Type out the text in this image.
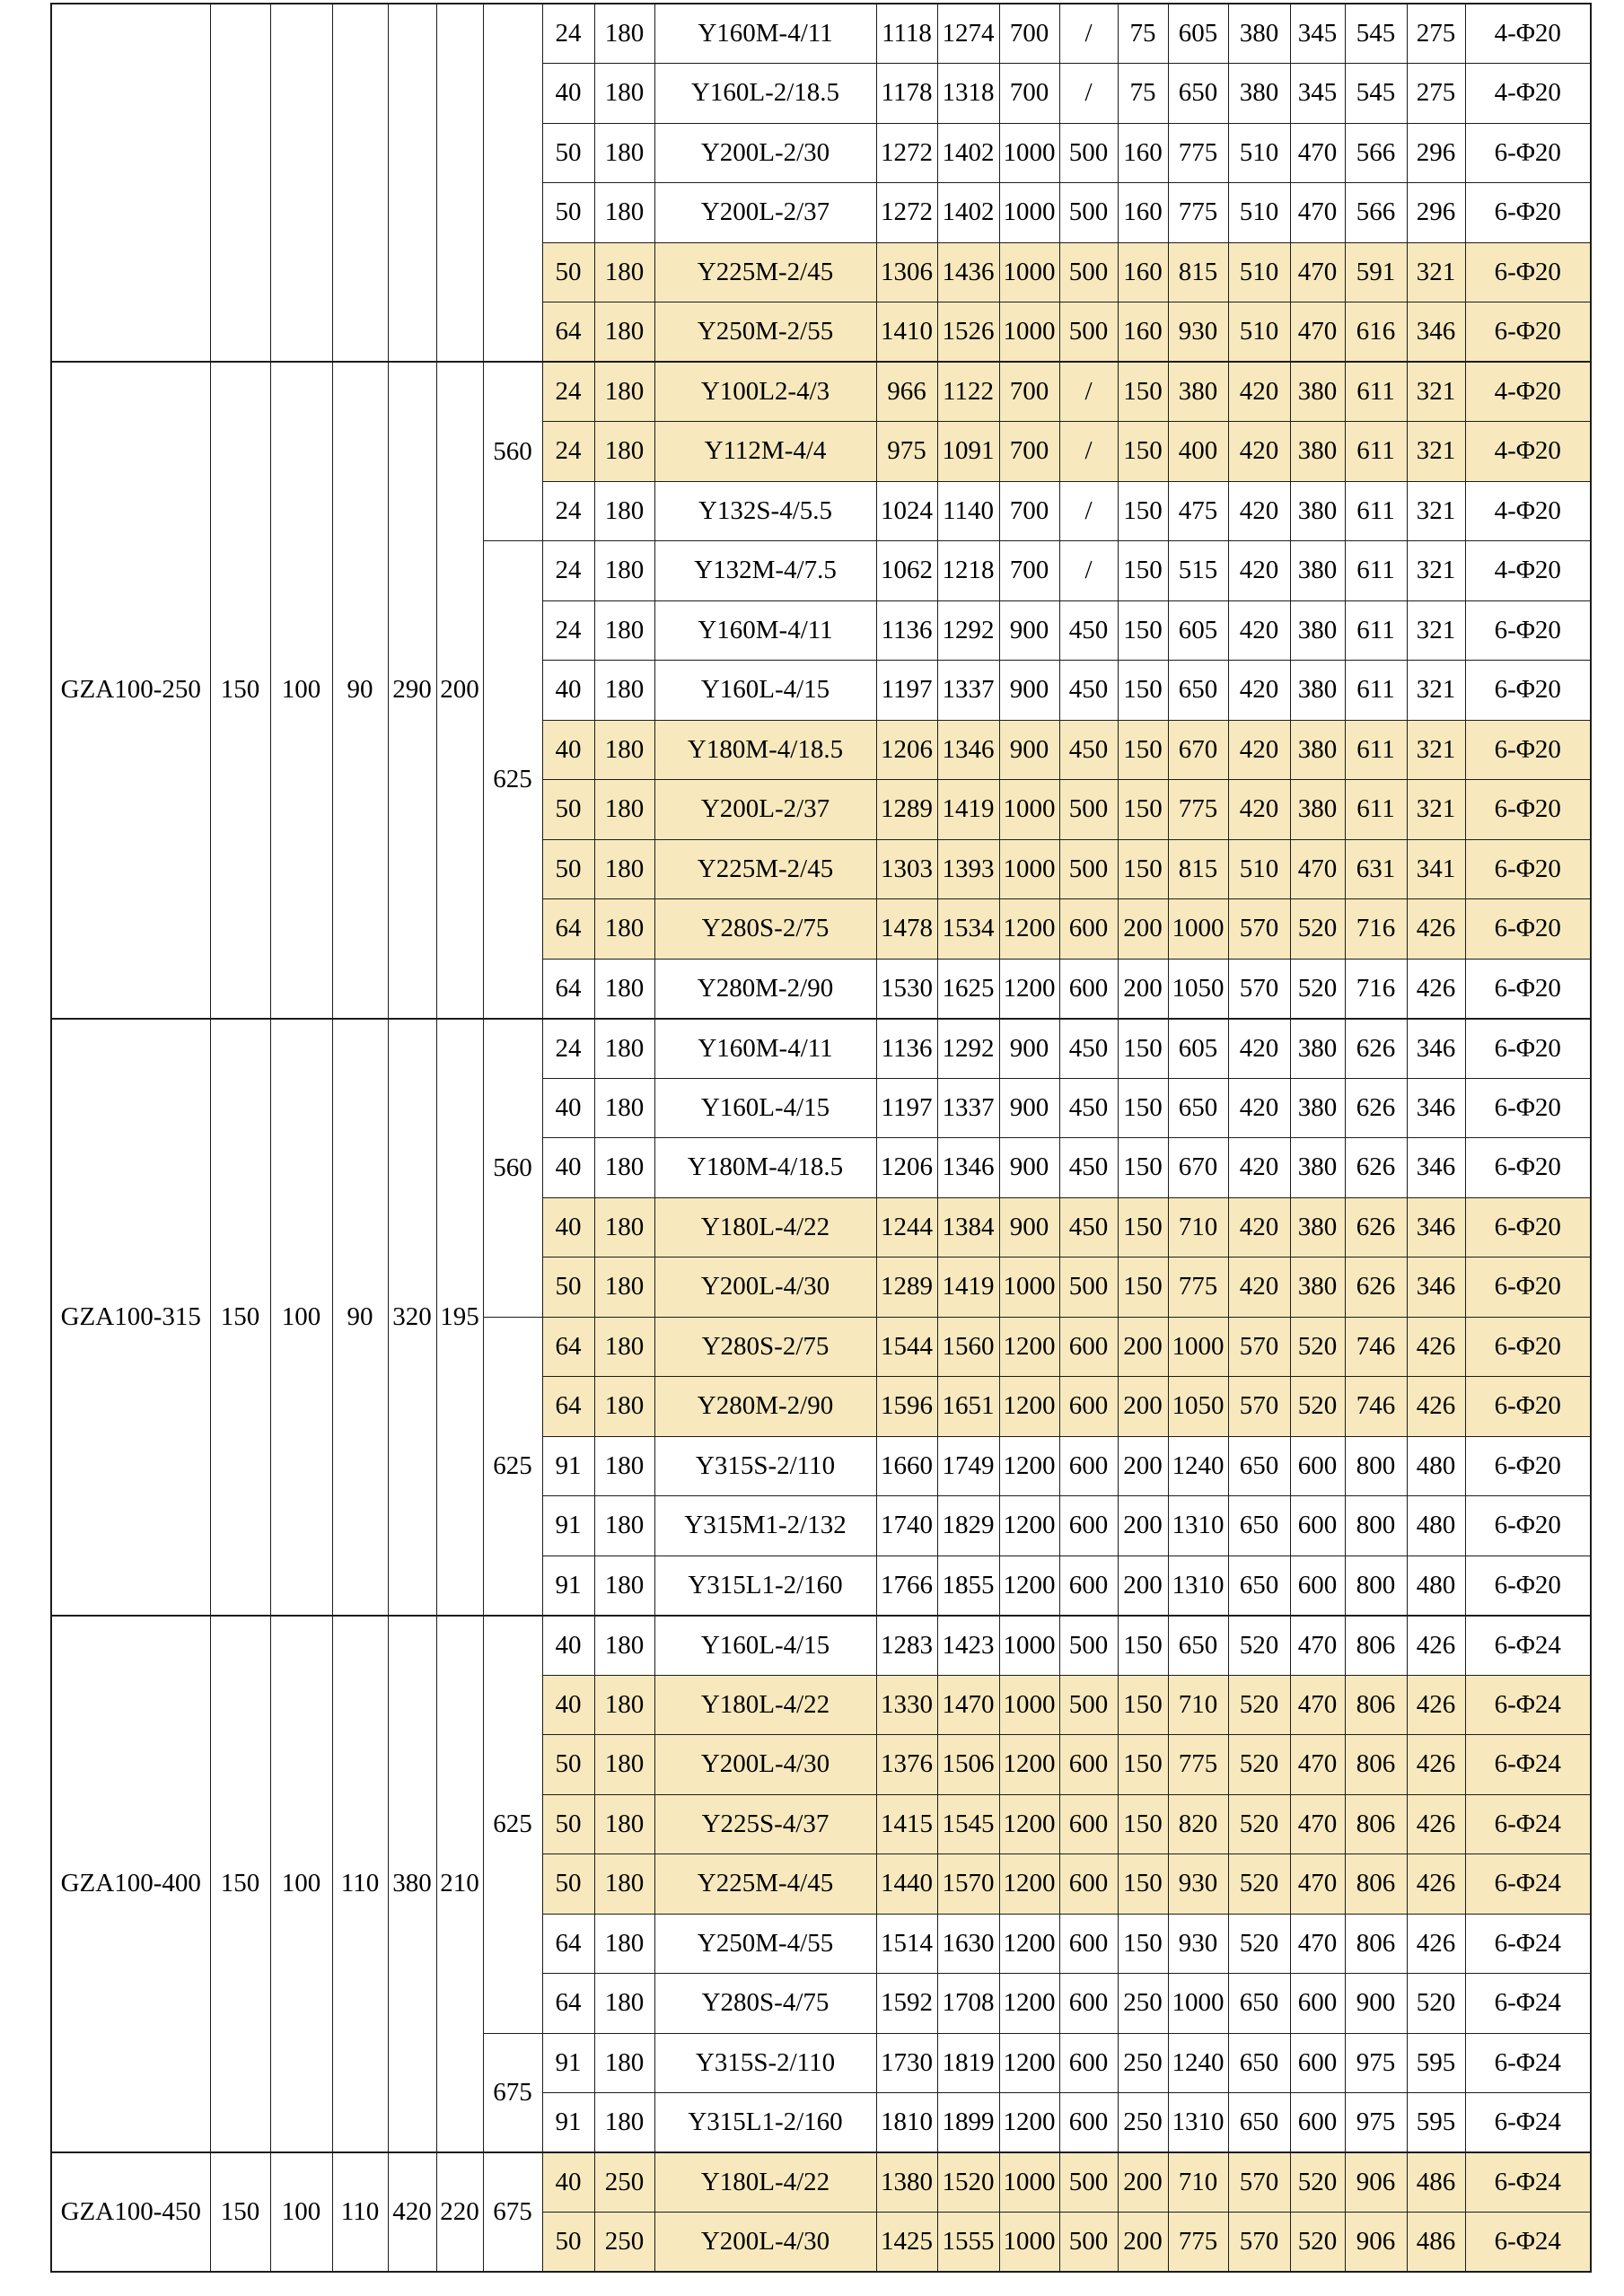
							24	180	Y160M-4/11	1118	1274	700	/	75	605	380	345	545	275	4-Φ20
							40	180	Y160L-2/18.5	1178	1318	700	/	75	650	380	345	545	275	4-Φ20
							50	180	Y200L-2/30	1272	1402	1000	500	160	775	510	470	566	296	6-Φ20
							50	180	Y200L-2/37	1272	1402	1000	500	160	775	510	470	566	296	6-Φ20
							50	180	Y225M-2/45	1306	1436	1000	500	160	815	510	470	591	321	6-Φ20
							64	180	Y250M-2/55	1410	1526	1000	500	160	930	510	470	616	346	6-Φ20
GZA100-250	150	100	90	290	200	560	24	180	Y100L2-4/3	966	1122	700	/	150	380	420	380	611	321	4-Φ20
							24	180	Y112M-4/4	975	1091	700	/	150	400	420	380	611	321	4-Φ20
							24	180	Y132S-4/5.5	1024	1140	700	/	150	475	420	380	611	321	4-Φ20
						625	24	180	Y132M-4/7.5	1062	1218	700	/	150	515	420	380	611	321	4-Φ20
							24	180	Y160M-4/11	1136	1292	900	450	150	605	420	380	611	321	6-Φ20
							40	180	Y160L-4/15	1197	1337	900	450	150	650	420	380	611	321	6-Φ20
							40	180	Y180M-4/18.5	1206	1346	900	450	150	670	420	380	611	321	6-Φ20
							50	180	Y200L-2/37	1289	1419	1000	500	150	775	420	380	611	321	6-Φ20
							50	180	Y225M-2/45	1303	1393	1000	500	150	815	510	470	631	341	6-Φ20
							64	180	Y280S-2/75	1478	1534	1200	600	200	1000	570	520	716	426	6-Φ20
							64	180	Y280M-2/90	1530	1625	1200	600	200	1050	570	520	716	426	6-Φ20
GZA100-315	150	100	90	320	195	560	24	180	Y160M-4/11	1136	1292	900	450	150	605	420	380	626	346	6-Φ20
							40	180	Y160L-4/15	1197	1337	900	450	150	650	420	380	626	346	6-Φ20
							40	180	Y180M-4/18.5	1206	1346	900	450	150	670	420	380	626	346	6-Φ20
							40	180	Y180L-4/22	1244	1384	900	450	150	710	420	380	626	346	6-Φ20
							50	180	Y200L-4/30	1289	1419	1000	500	150	775	420	380	626	346	6-Φ20
						625	64	180	Y280S-2/75	1544	1560	1200	600	200	1000	570	520	746	426	6-Φ20
							64	180	Y280M-2/90	1596	1651	1200	600	200	1050	570	520	746	426	6-Φ20
							91	180	Y315S-2/110	1660	1749	1200	600	200	1240	650	600	800	480	6-Φ20
							91	180	Y315M1-2/132	1740	1829	1200	600	200	1310	650	600	800	480	6-Φ20
							91	180	Y315L1-2/160	1766	1855	1200	600	200	1310	650	600	800	480	6-Φ20
GZA100-400	150	100	110	380	210	625	40	180	Y160L-4/15	1283	1423	1000	500	150	650	520	470	806	426	6-Φ24
							40	180	Y180L-4/22	1330	1470	1000	500	150	710	520	470	806	426	6-Φ24
							50	180	Y200L-4/30	1376	1506	1200	600	150	775	520	470	806	426	6-Φ24
							50	180	Y225S-4/37	1415	1545	1200	600	150	820	520	470	806	426	6-Φ24
							50	180	Y225M-4/45	1440	1570	1200	600	150	930	520	470	806	426	6-Φ24
							64	180	Y250M-4/55	1514	1630	1200	600	150	930	520	470	806	426	6-Φ24
							64	180	Y280S-4/75	1592	1708	1200	600	250	1000	650	600	900	520	6-Φ24
						675	91	180	Y315S-2/110	1730	1819	1200	600	250	1240	650	600	975	595	6-Φ24
							91	180	Y315L1-2/160	1810	1899	1200	600	250	1310	650	600	975	595	6-Φ24
GZA100-450	150	100	110	420	220	675	40	250	Y180L-4/22	1380	1520	1000	500	200	710	570	520	906	486	6-Φ24
							50	250	Y200L-4/30	1425	1555	1000	500	200	775	570	520	906	486	6-Φ24
